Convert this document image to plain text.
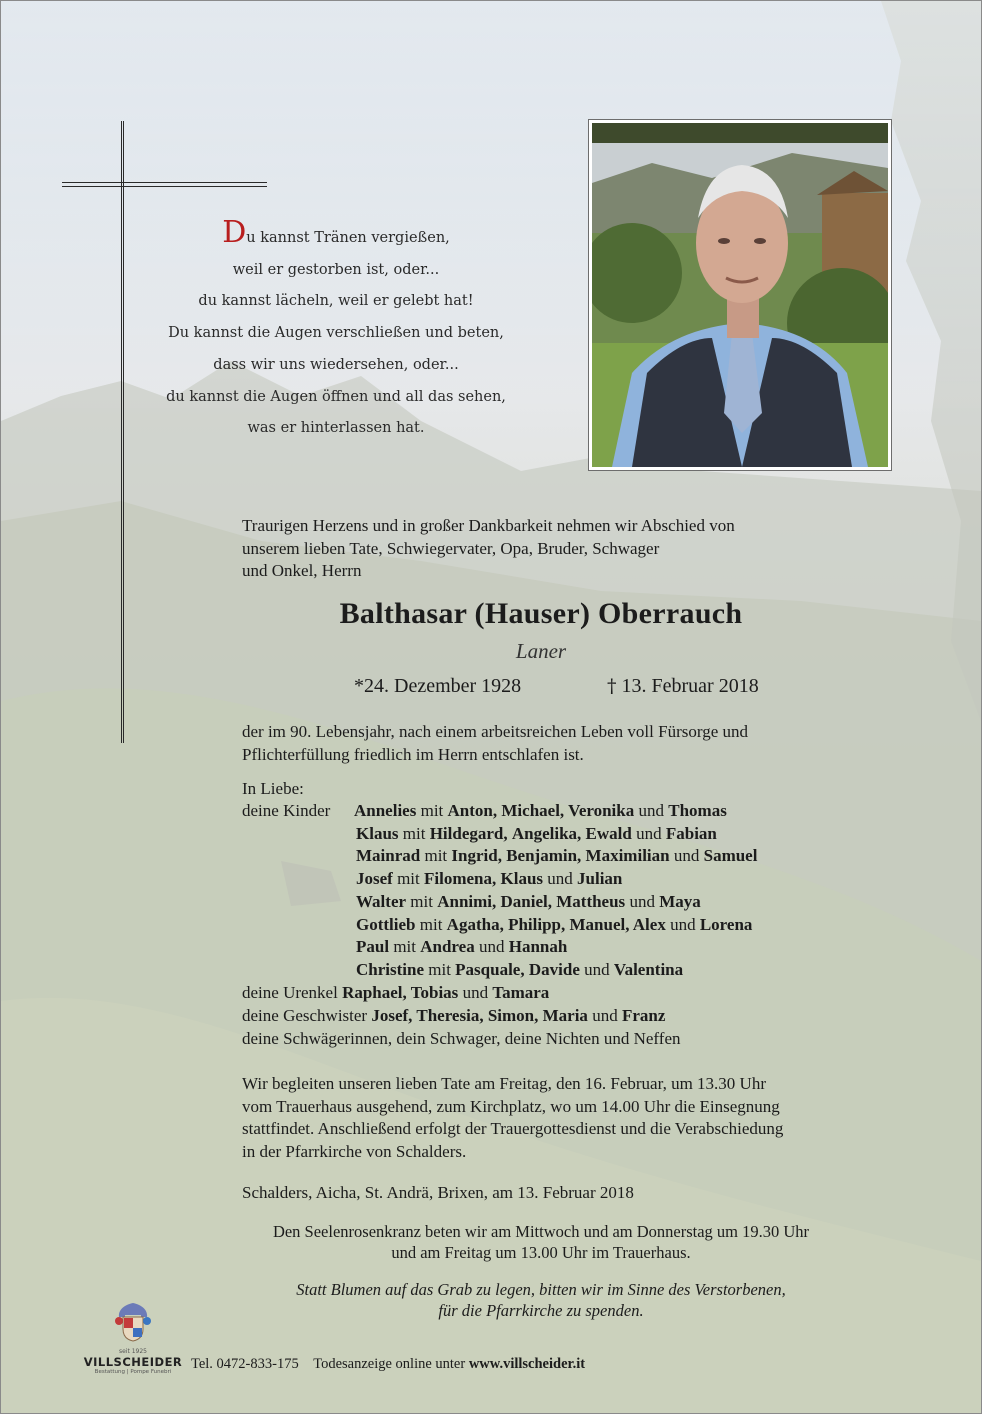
Du kannst Tränen vergießen,
weil er gestorben ist, oder...
du kannst lächeln, weil er gelebt hat!
Du kannst die Augen verschließen und beten,
dass wir uns wiedersehen, oder...
du kannst die Augen öffnen und all das sehen,
was er hinterlassen hat.
Traurigen Herzens und in großer Dankbarkeit nehmen wir Abschied von
unserem lieben Tate, Schwiegervater, Opa, Bruder, Schwager
und Onkel, Herrn
Balthasar (Hauser) Oberrauch
Laner
*24. Dezember 1928	† 13. Februar 2018
der im 90. Lebensjahr, nach einem arbeitsreichen Leben voll Fürsorge und
Pflichterfüllung friedlich im Herrn entschlafen ist.
In Liebe:
deine Kinder Annelies mit Anton, Michael, Veronika und Thomas
Klaus mit Hildegard, Angelika, Ewald und Fabian
Mainrad mit Ingrid, Benjamin, Maximilian und Samuel
Josef mit Filomena, Klaus und Julian
Walter mit Annimi, Daniel, Mattheus und Maya
Gottlieb mit Agatha, Philipp, Manuel, Alex und Lorena
Paul mit Andrea und Hannah
Christine mit Pasquale, Davide und Valentina
deine Urenkel Raphael, Tobias und Tamara
deine Geschwister Josef, Theresia, Simon, Maria und Franz
deine Schwägerinnen, dein Schwager, deine Nichten und Neffen
Wir begleiten unseren lieben Tate am Freitag, den 16. Februar, um 13.30 Uhr
vom Trauerhaus ausgehend, zum Kirchplatz, wo um 14.00 Uhr die Einsegnung
stattfindet. Anschließend erfolgt der Trauergottesdienst und die Verabschiedung
in der Pfarrkirche von Schalders.
Schalders, Aicha, St. Andrä, Brixen, am 13. Februar 2018
Den Seelenrosenkranz beten wir am Mittwoch und am Donnerstag um 19.30 Uhr
und am Freitag um 13.00 Uhr im Trauerhaus.
Statt Blumen auf das Grab zu legen, bitten wir im Sinne des Verstorbenen,
für die Pfarrkirche zu spenden.
seit 1925
VILLSCHEIDER
Bestattung | Pompe Funebri	Tel. 0472-833-175 Todesanzeige online unter www.villscheider.it
